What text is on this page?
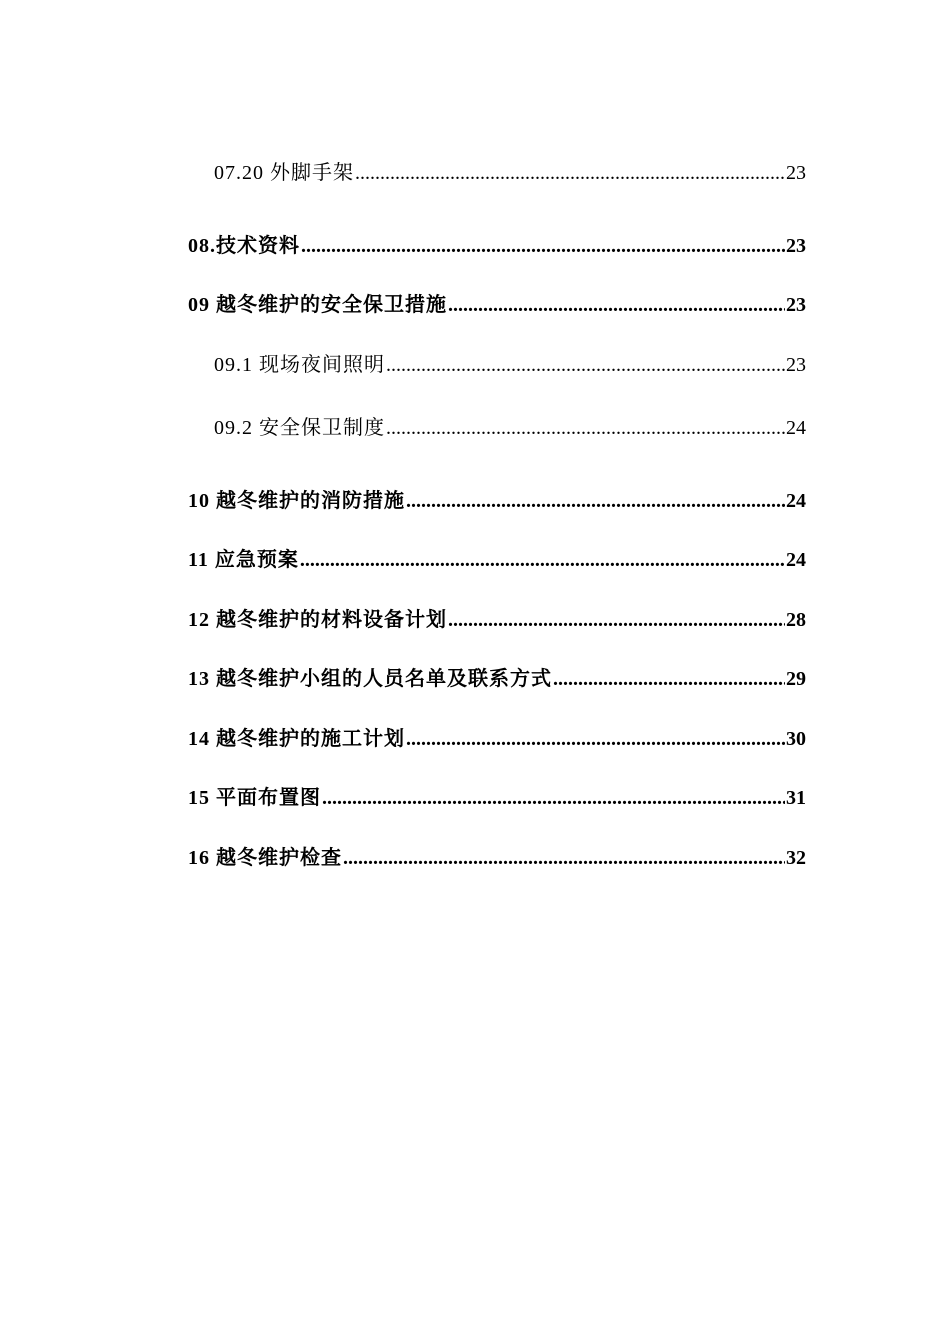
07.20 外脚手架 .....	23
08.技术资料 .....	23
09 越冬维护的安全保卫措施 .....	23
09.1 现场夜间照明 .....	23
09.2 安全保卫制度 .....	24
10 越冬维护的消防措施 .....	24
11 应急预案 .....	24
12 越冬维护的材料设备计划 .....	28
13 越冬维护小组的人员名单及联系方式 .....	29
14 越冬维护的施工计划 .....	30
15 平面布置图 .....	31
16 越冬维护检查 .....	32
